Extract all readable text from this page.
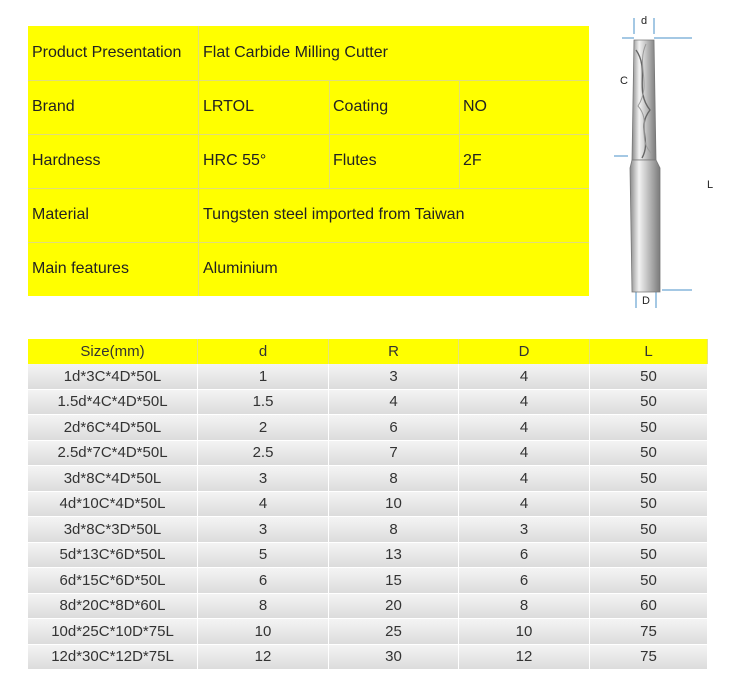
Product Presentation	Flat Carbide Milling Cutter
Brand	LRTOL	Coating	NO
Hardness	HRC 55°	Flutes	2F
Material	Tungsten steel imported from Taiwan
Main features	Aluminium
d
C
L
D
Size(mm)	d	R	D	L
1d*3C*4D*50L	1	3	4	50
1.5d*4C*4D*50L	1.5	4	4	50
2d*6C*4D*50L	2	6	4	50
2.5d*7C*4D*50L	2.5	7	4	50
3d*8C*4D*50L	3	8	4	50
4d*10C*4D*50L	4	10	4	50
3d*8C*3D*50L	3	8	3	50
5d*13C*6D*50L	5	13	6	50
6d*15C*6D*50L	6	15	6	50
8d*20C*8D*60L	8	20	8	60
10d*25C*10D*75L	10	25	10	75
12d*30C*12D*75L	12	30	12	75
